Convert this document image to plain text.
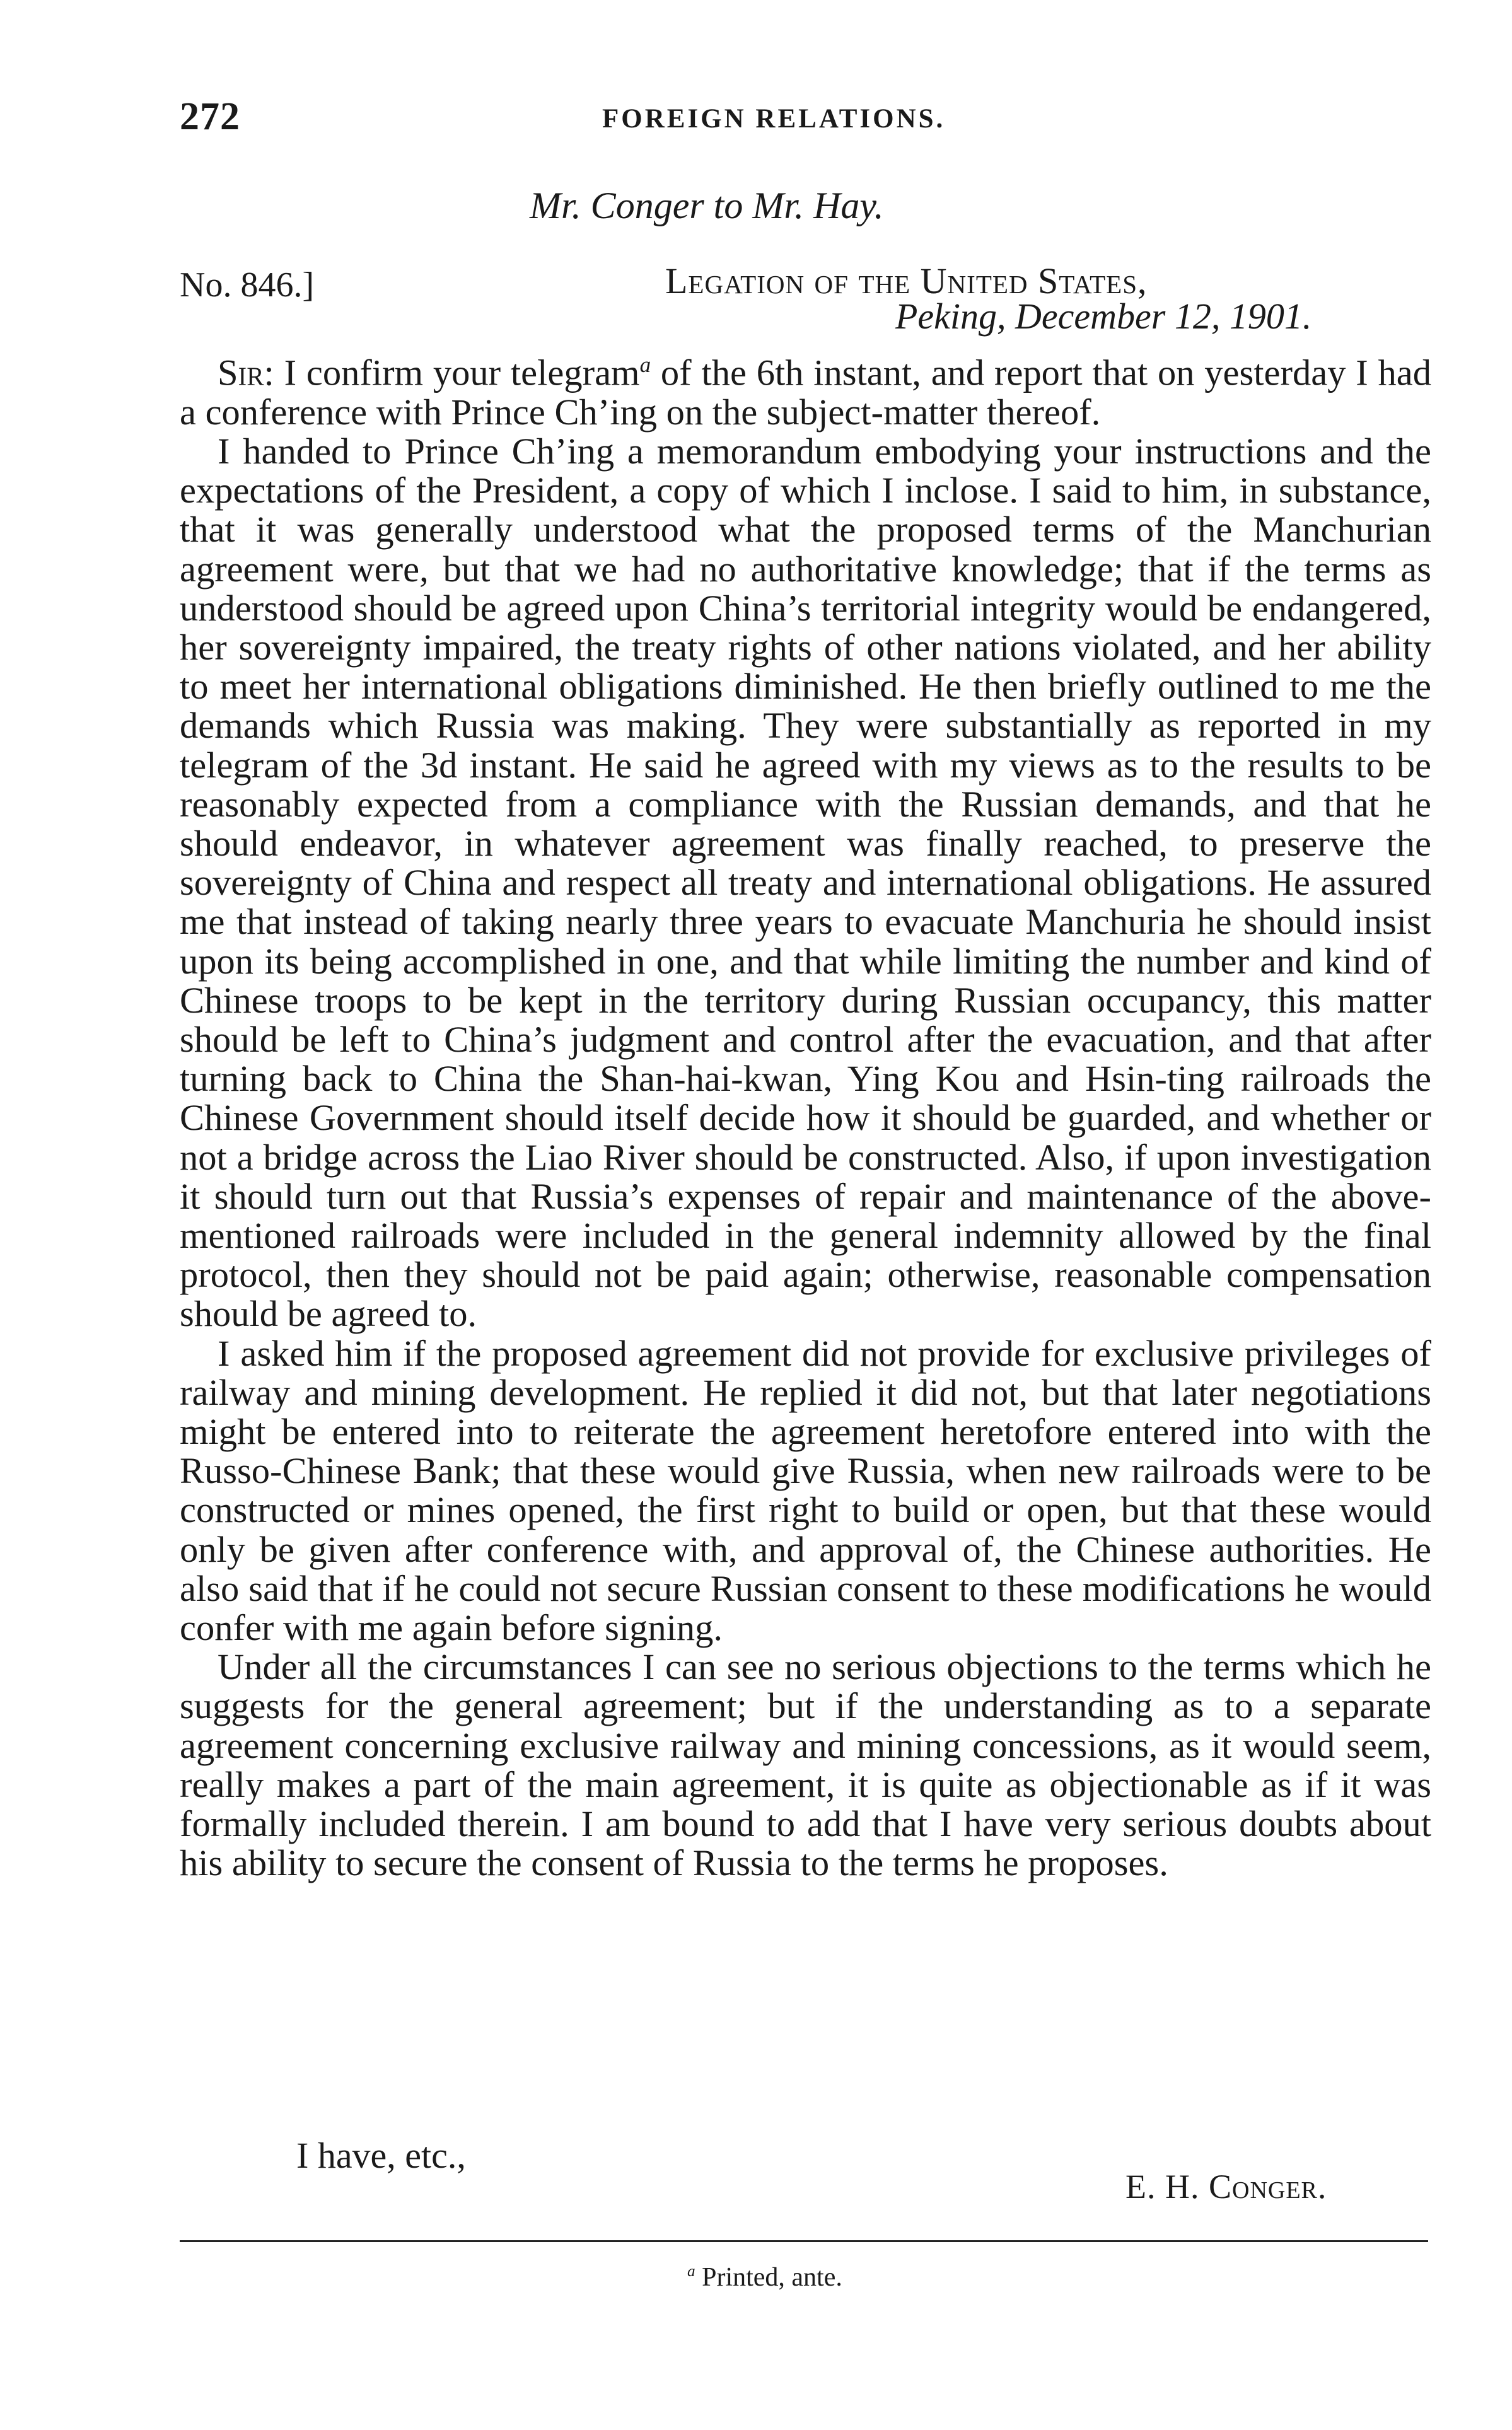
272	FOREIGN RELATIONS.
Mr. Conger to Mr. Hay.
No. 846.]	Legation of the United States,
Peking, December 12, 1901.

Sir: I confirm your telegram$^a$ of the 6th instant, and report that on yesterday I had a conference with Prince Ch’ing on the subject-matter thereof.

I handed to Prince Ch’ing a memorandum embodying your instructions and the expectations of the President, a copy of which I inclose. I said to him, in substance, that it was generally understood what the proposed terms of the Manchurian agreement were, but that we had no authoritative knowledge; that if the terms as understood should be agreed upon China’s territorial integrity would be endangered, her sovereignty impaired, the treaty rights of other nations violated, and her ability to meet her international obligations diminished. He then briefly outlined to me the demands which Russia was making. They were substantially as reported in my telegram of the 3d instant. He said he agreed with my views as to the results to be reasonably expected from a compliance with the Russian demands, and that he should endeavor, in whatever agreement was finally reached, to preserve the sovereignty of China and respect all treaty and international obligations. He assured me that instead of taking nearly three years to evacuate Manchuria he should insist upon its being accomplished in one, and that while limiting the number and kind of Chinese troops to be kept in the territory during Russian occupancy, this matter should be left to China’s judgment and control after the evacuation, and that after turning back to China the Shan-hai-kwan, Ying Kou and Hsin-ting railroads the Chinese Government should itself decide how it should be guarded, and whether or not a bridge across the Liao River should be constructed. Also, if upon investigation it should turn out that Russia’s expenses of repair and maintenance of the above-mentioned railroads were included in the general indemnity allowed by the final protocol, then they should not be paid again; otherwise, reasonable compensation should be agreed to.

I asked him if the proposed agreement did not provide for exclusive privileges of railway and mining development. He replied it did not, but that later negotiations might be entered into to reiterate the agreement heretofore entered into with the Russo-Chinese Bank; that these would give Russia, when new railroads were to be constructed or mines opened, the first right to build or open, but that these would only be given after conference with, and approval of, the Chinese authorities. He also said that if he could not secure Russian consent to these modifications he would confer with me again before signing.

Under all the circumstances I can see no serious objections to the terms which he suggests for the general agreement; but if the understanding as to a separate agreement concerning exclusive railway and mining concessions, as it would seem, really makes a part of the main agreement, it is quite as objectionable as if it was formally included therein. I am bound to add that I have very serious doubts about his ability to secure the consent of Russia to the terms he proposes.

I have, etc.,
E. H. Conger.
$^a$ Printed, ante.
